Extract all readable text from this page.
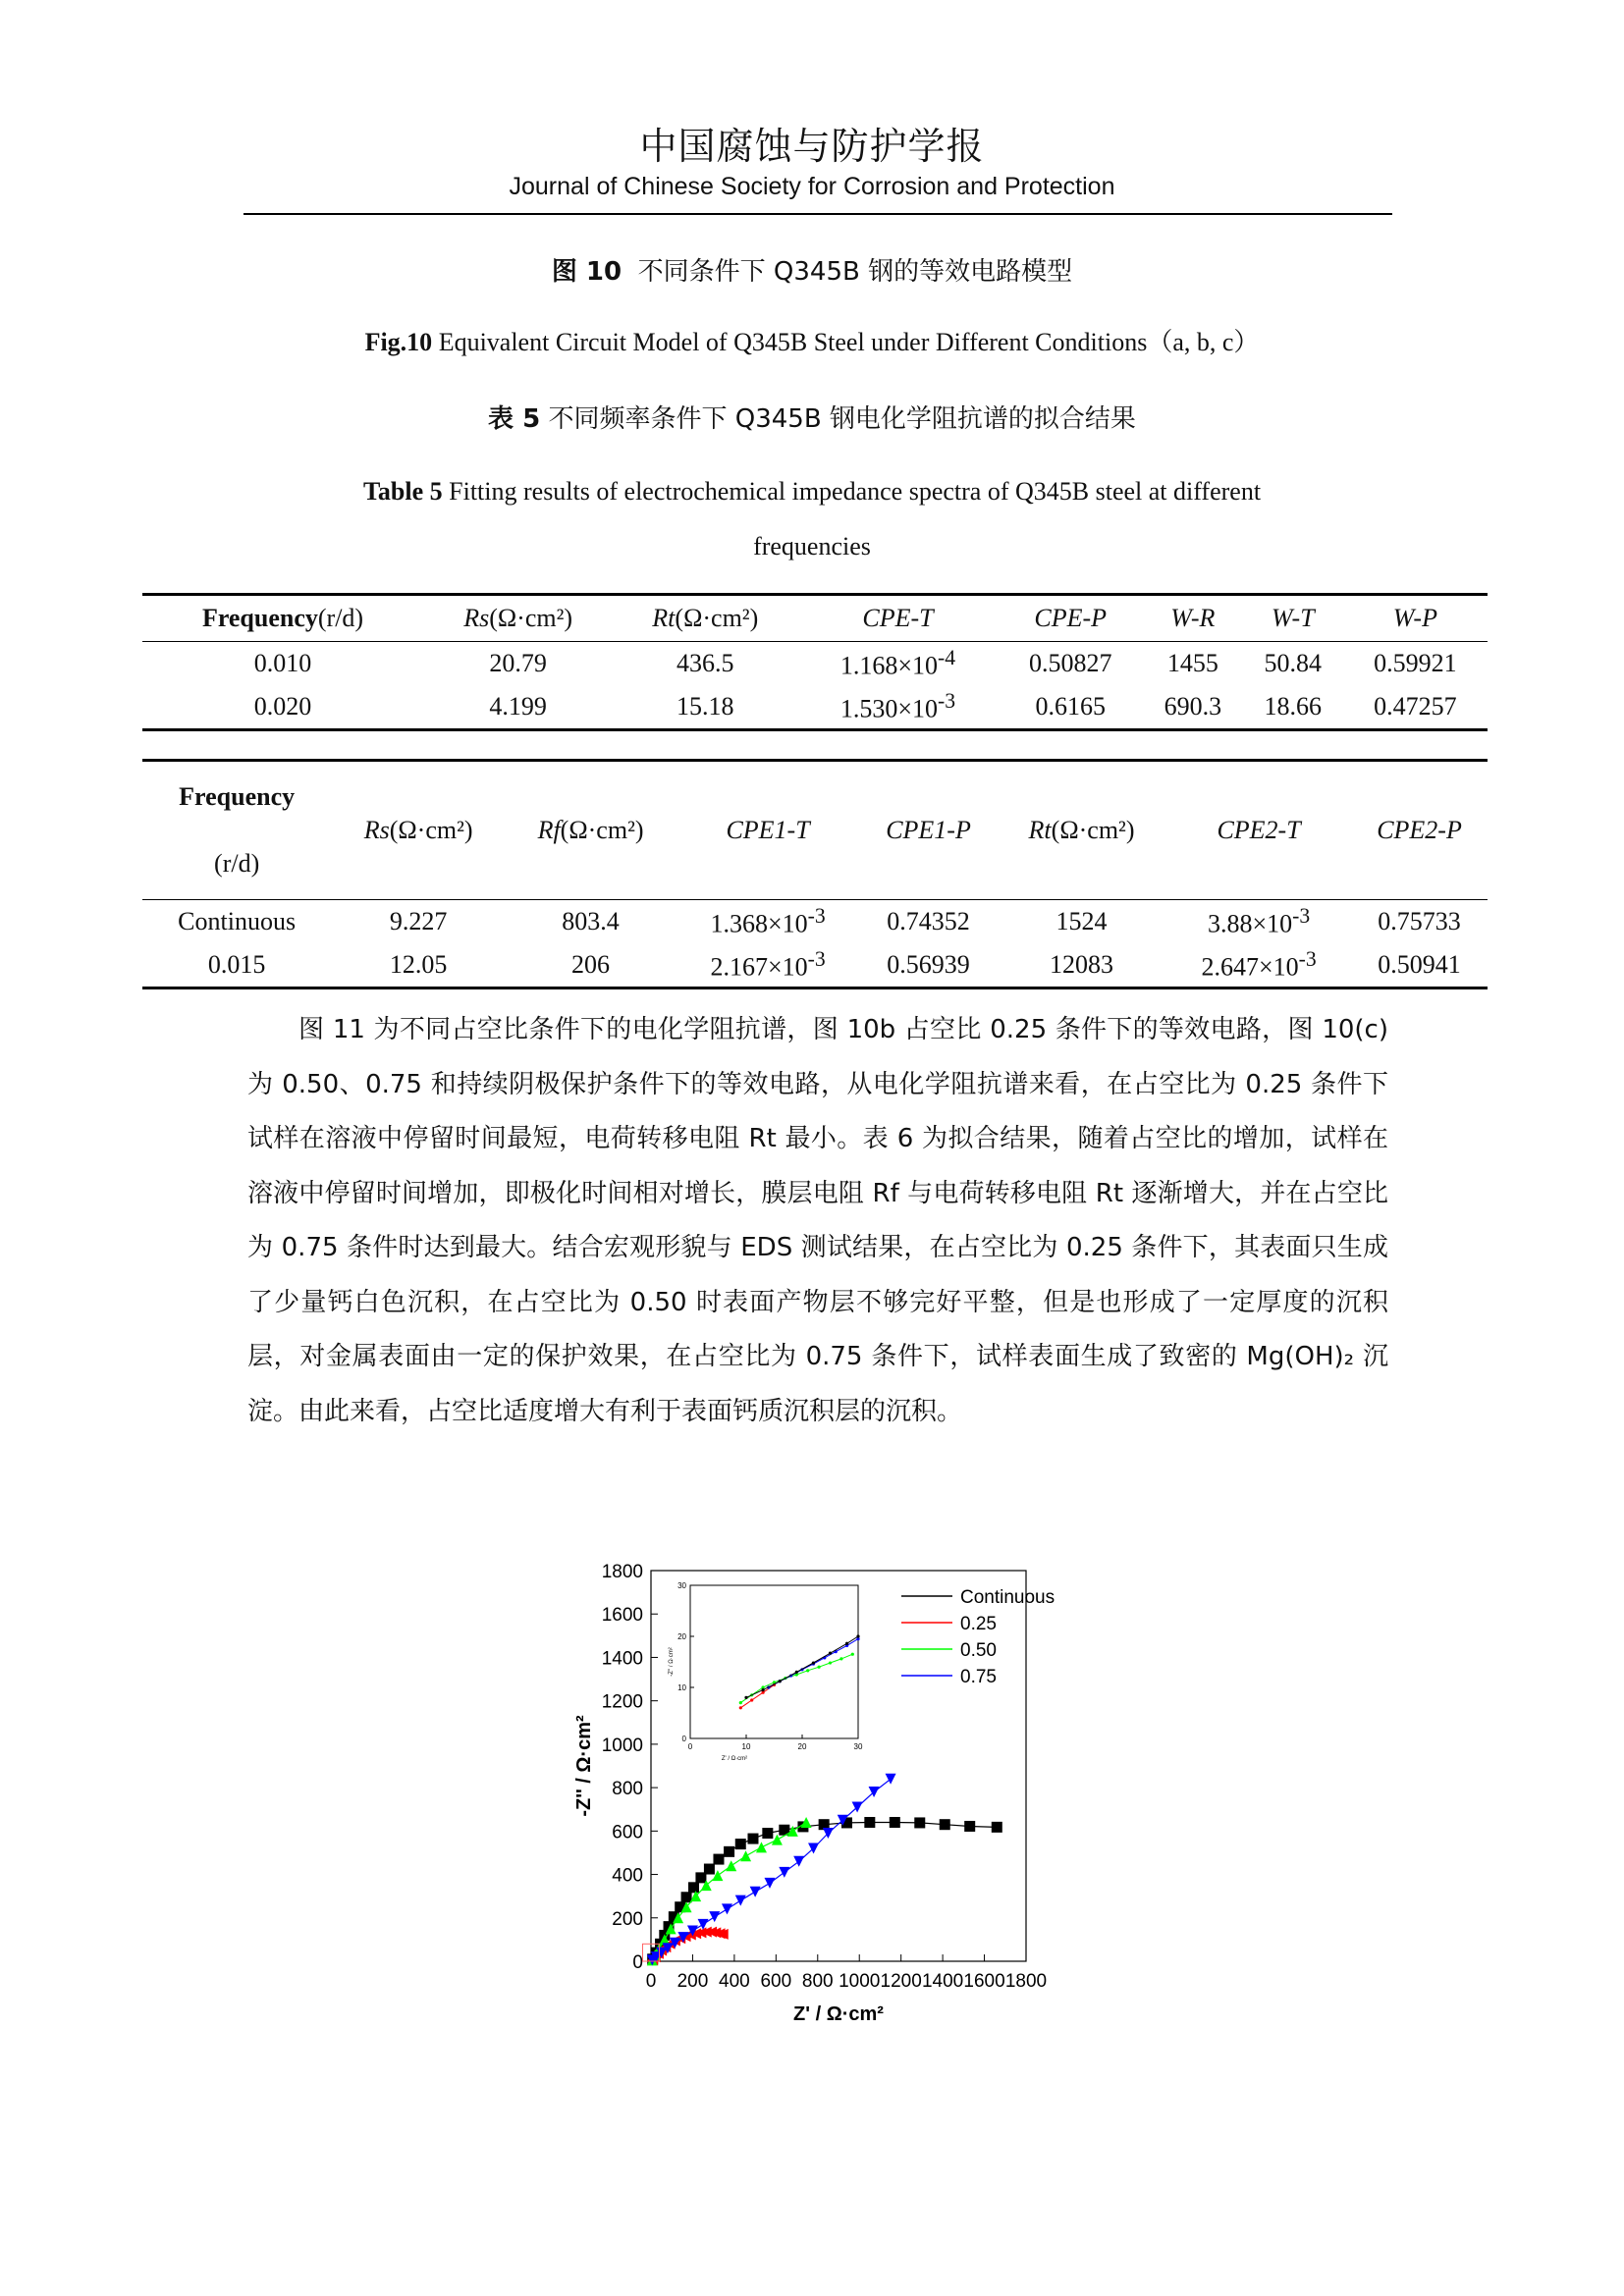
中国腐蚀与防护学报
Journal of Chinese Society for Corrosion and Protection
图 10 不同条件下 Q345B 钢的等效电路模型
Fig.10 Equivalent Circuit Model of Q345B Steel under Different Conditions（a, b, c）
表 5 不同频率条件下 Q345B 钢电化学阻抗谱的拟合结果
Table 5 Fitting results of electrochemical impedance spectra of Q345B steel at different
frequencies
Frequency(r/d)	Rs(Ω·cm²)	Rt(Ω·cm²)	CPE-T	CPE-P	W-R	W-T	W-P
0.010	20.79	436.5	$1.168\times 10^{-4}$	0.50827	1455	50.84	0.59921
0.020	4.199	15.18	$1.530\times 10^{-3}$	0.6165	690.3	18.66	0.47257
Frequency
(r/d)	Rs(Ω·cm²)	Rf(Ω·cm²)	CPE1-T	CPE1-P	Rt(Ω·cm²)	CPE2-T	CPE2-P
Continuous	9.227	803.4	$1.368\times 10^{-3}$	0.74352	1524	$3.88\times 10^{-3}$	0.75733
0.015	12.05	206	$2.167\times 10^{-3}$	0.56939	12083	$2.647\times 10^{-3}$	0.50941

图 11 为不同占空比条件下的电化学阻抗谱，图 10b 占空比 0.25 条件下的等效电路，图 10(c)为 0.50、0.75 和持续阴极保护条件下的等效电路，从电化学阻抗谱来看，在占空比为 0.25 条件下试样在溶液中停留时间最短，电荷转移电阻 Rt 最小。表 6 为拟合结果，随着占空比的增加，试样在溶液中停留时间增加，即极化时间相对增长，膜层电阻 Rf 与电荷转移电阻 Rt 逐渐增大，并在占空比为 0.75 条件时达到最大。结合宏观形貌与 EDS 测试结果，在占空比为 0.25 条件下，其表面只生成了少量钙白色沉积，在占空比为 0.50 时表面产物层不够完好平整，但是也形成了一定厚度的沉积层，对金属表面由一定的保护效果，在占空比为 0.75 条件下，试样表面生成了致密的 Mg(OH)₂ 沉淀。由此来看，占空比适度增大有利于表面钙质沉积层的沉积。

0 200 400 600 800 1000 1200 1400 1600 1800
0
200
400
600
800
1000
1200
1400
1600
1800
Z' / Ω·cm²
-Z'' / Ω·cm²
Continuous
0.25
0.50
0.75
0	10	20	30
0
10
20
30
Z' / Ω·cm²
-Z'' / Ω·cm²
